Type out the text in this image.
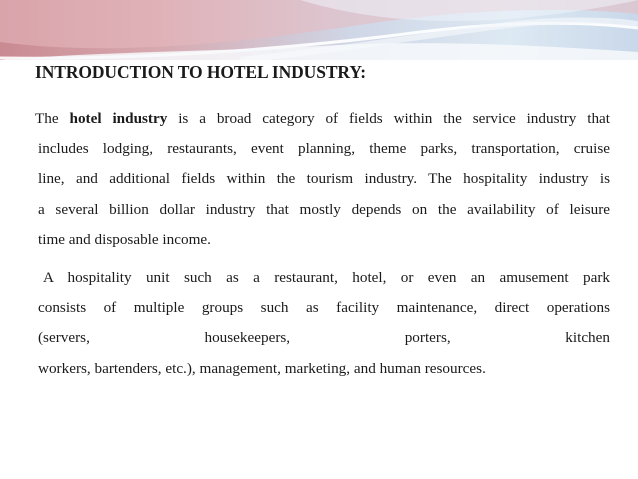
INTRODUCTION TO HOTEL INDUSTRY:

The hotel industry is a broad category of fields within the service industry that
includes lodging, restaurants, event planning, theme parks, transportation, cruise
line, and additional fields within the tourism industry. The hospitality industry is
a several billion dollar industry that mostly depends on the availability of leisure
time and disposable income.

A hospitality unit such as a restaurant, hotel, or even an amusement park
consists of multiple groups such as facility maintenance, direct operations
(servers, housekeepers, porters, kitchen
workers, bartenders, etc.), management, marketing, and human resources.
